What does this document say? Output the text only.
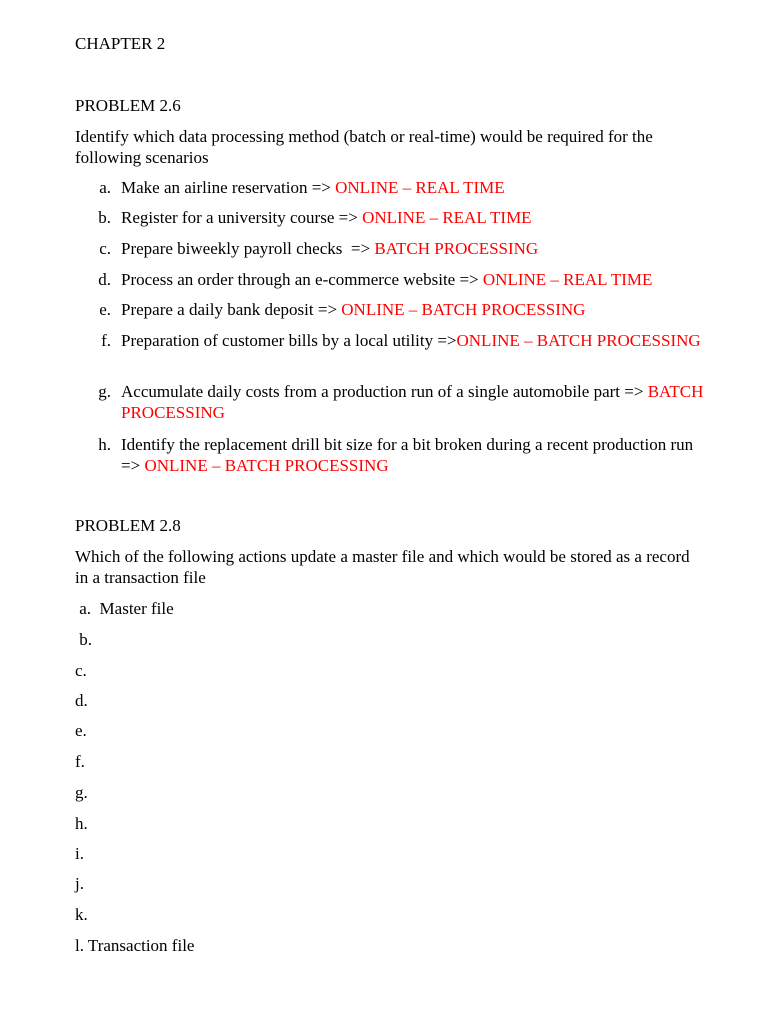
CHAPTER 2
PROBLEM 2.6
Identify which data processing method (batch or real-time) would be required for the following scenarios
a. Make an airline reservation => ONLINE – REAL TIME
b. Register for a university course => ONLINE – REAL TIME
c. Prepare biweekly payroll checks  => BATCH PROCESSING
d. Process an order through an e-commerce website => ONLINE – REAL TIME
e. Prepare a daily bank deposit => ONLINE – BATCH PROCESSING
f. Preparation of customer bills by a local utility =>ONLINE – BATCH PROCESSING
g. Accumulate daily costs from a production run of a single automobile part => BATCH PROCESSING
h. Identify the replacement drill bit size for a bit broken during a recent production run => ONLINE – BATCH PROCESSING
PROBLEM 2.8
Which of the following actions update a master file and which would be stored as a record in a transaction file
a.  Master file
b.
c.
d.
e.
f.
g.
h.
i.
j.
k.
l. Transaction file
